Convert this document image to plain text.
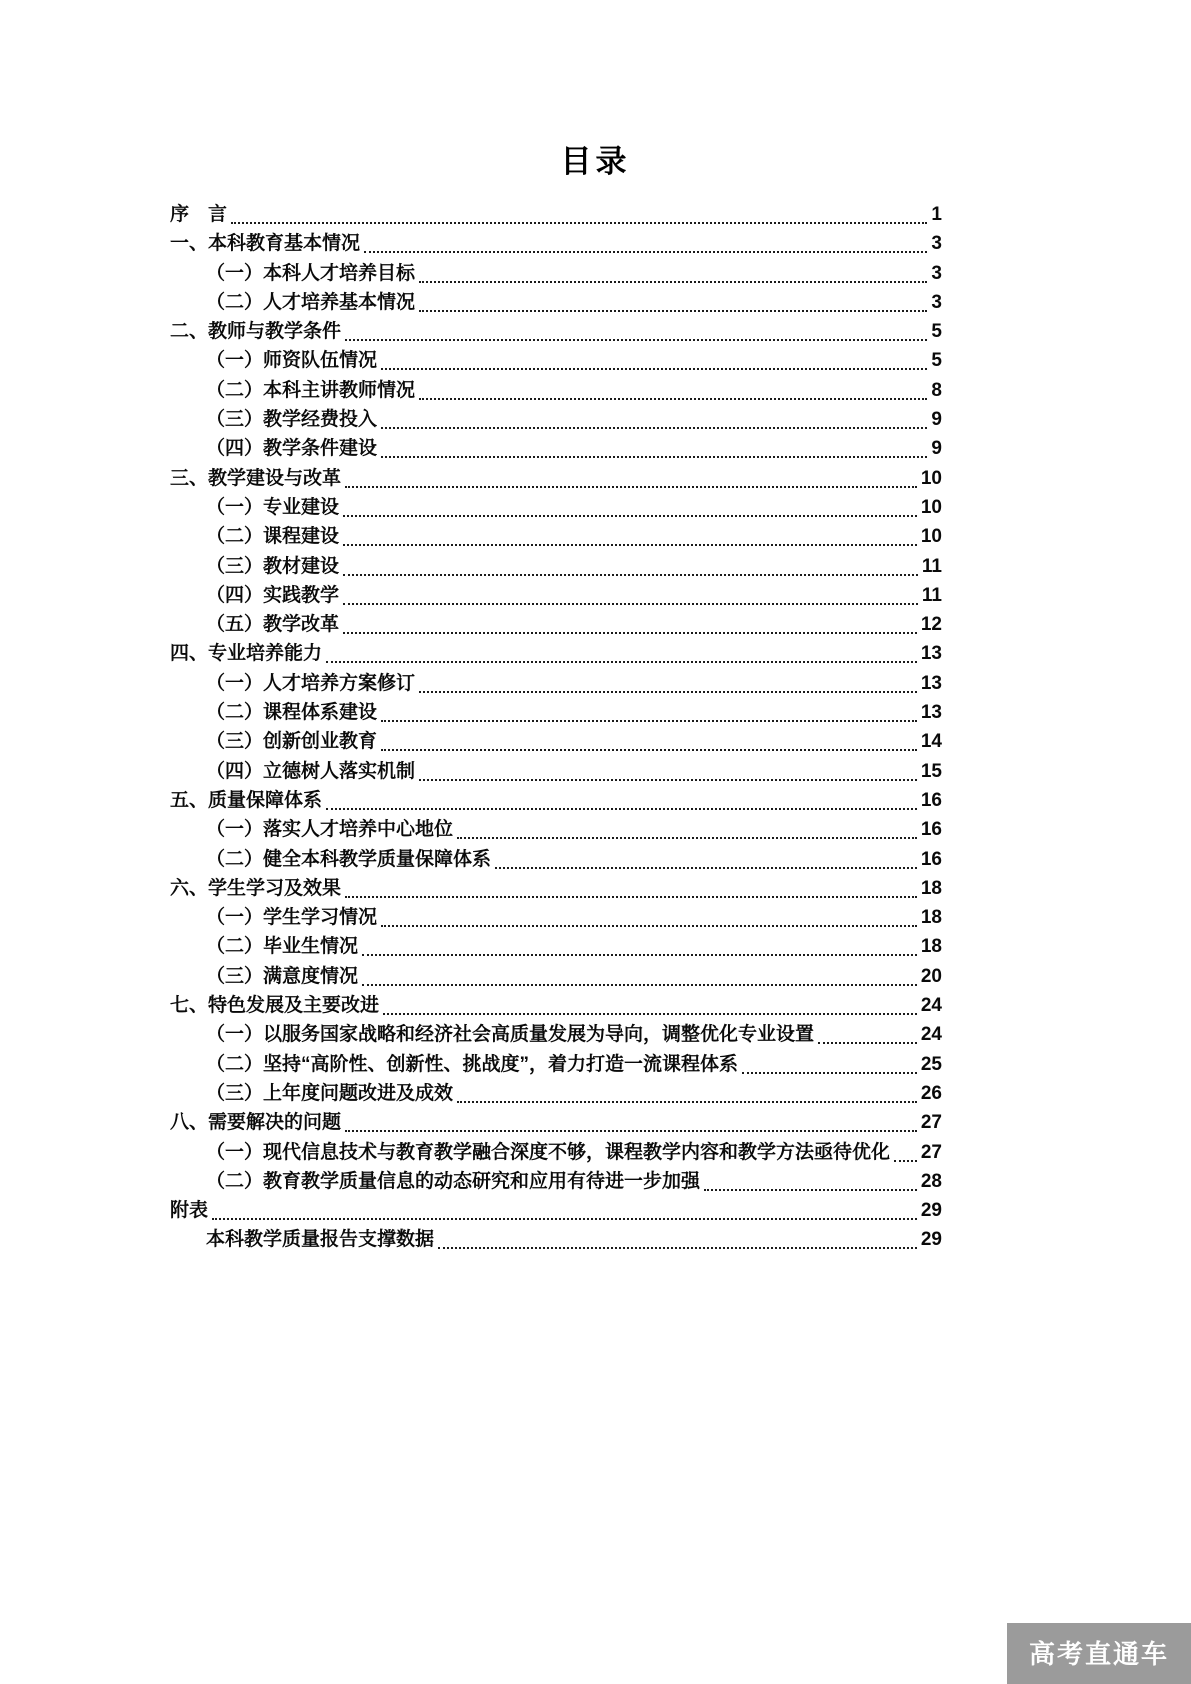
目录
序　言	1
一、本科教育基本情况	3
（一）本科人才培养目标	3
（二）人才培养基本情况	3
二、教师与教学条件	5
（一）师资队伍情况	5
（二）本科主讲教师情况	8
（三）教学经费投入	9
（四）教学条件建设	9
三、教学建设与改革	10
（一）专业建设	10
（二）课程建设	10
（三）教材建设	11
（四）实践教学	11
（五）教学改革	12
四、专业培养能力	13
（一）人才培养方案修订	13
（二）课程体系建设	13
（三）创新创业教育	14
（四）立德树人落实机制	15
五、质量保障体系	16
（一）落实人才培养中心地位	16
（二）健全本科教学质量保障体系	16
六、学生学习及效果	18
（一）学生学习情况	18
（二）毕业生情况	18
（三）满意度情况	20
七、特色发展及主要改进	24
（一）以服务国家战略和经济社会高质量发展为导向，调整优化专业设置	24
（二）坚持“高阶性、创新性、挑战度”，着力打造一流课程体系	25
（三）上年度问题改进及成效	26
八、需要解决的问题	27
（一）现代信息技术与教育教学融合深度不够，课程教学内容和教学方法亟待优化 27
（二）教育教学质量信息的动态研究和应用有待进一步加强	28
附表	29
本科教学质量报告支撑数据	29
高考直通车
